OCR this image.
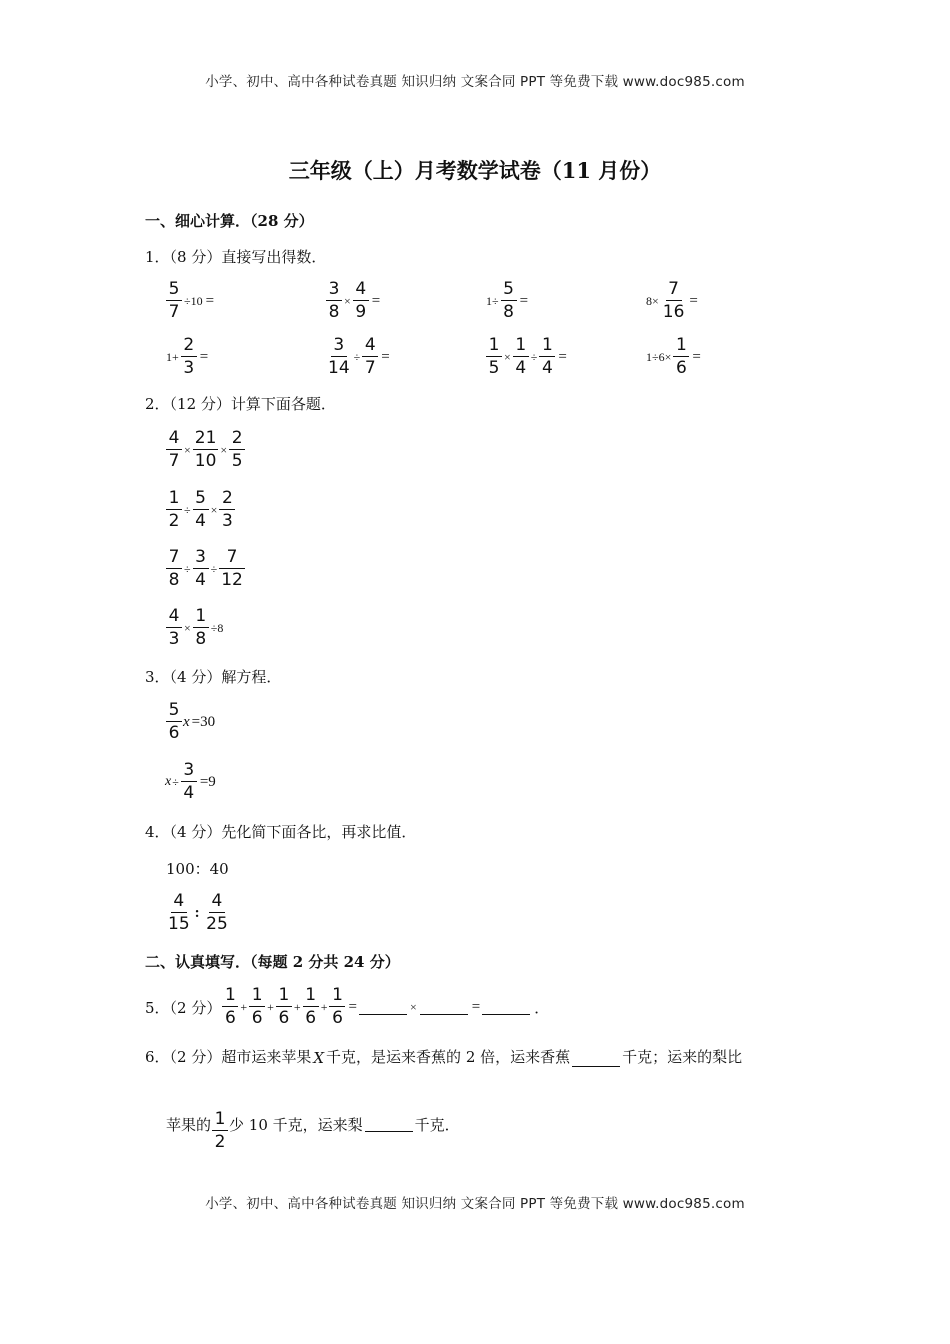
小学、初中、高中各种试卷真题 知识归纳 文案合同 PPT 等免费下载 www.doc985.com
三年级（上）月考数学试卷（11 月份）
一、细心计算．（28 分）
1．（8 分）直接写出得数．
$\frac{5}{7} \div 10$ =	$\frac{3}{8} \times \frac{4}{9}$ =	$1\div \frac{5}{8}$ =	$8\times \frac{7}{16}$ =
$1+ \frac{2}{3}$ =	$\frac{3}{14} \div \frac{4}{7}$ =	$\frac{1}{5} \times \frac{1}{4} \div \frac{1}{4}$ =	$1\div 6\times \frac{1}{6}$ =
2．（12 分）计算下面各题．
$\frac{4}{7} \times \frac{21}{10} \times \frac{2}{5}$
$\frac{1}{2} \div \frac{5}{4} \times \frac{2}{3}$
$\frac{7}{8} \div \frac{3}{4} \div \frac{7}{12}$
$\frac{4}{3} \times \frac{1}{8} \div 8$
3．（4 分）解方程．
$\frac{5}{6}$ x =30
$x \div \frac{3}{4} =9$
4．（4 分）先化简下面各比，再求比值．
100：40
$\frac{4}{15}$ :
$\frac{4}{25}$
二、认真填写．（每题 2 分共 24 分）
5．（2 分） $\frac{1}{6} + \frac{1}{6} + \frac{1}{6} + \frac{1}{6} + \frac{1}{6}$ =	×	=	．
6．（2 分）超市运来苹果 X 千克，是运来香蕉的 2 倍，运来香蕉	千克；运来的梨比
苹果的 $\frac{1}{2}$ 少 10 千克，运来梨	千克．
小学、初中、高中各种试卷真题 知识归纳 文案合同 PPT 等免费下载 www.doc985.com
